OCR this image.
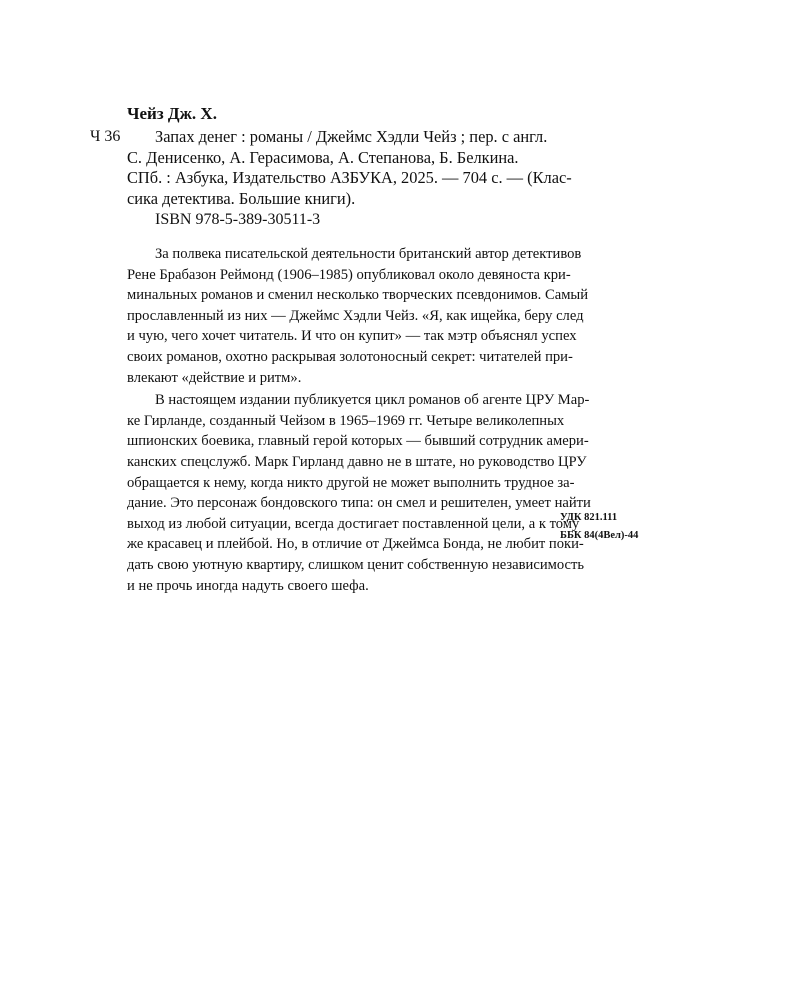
Чейз Дж. Х.
Ч 36	Запах денег : романы / Джеймс Хэдли Чейз ; пер. с англ.
С. Денисенко, А. Герасимова, А. Степанова, Б. Белкина.
СПб. : Азбука, Издательство АЗБУКА, 2025. — 704 с. — (Клас-
сика детектива. Большие книги).
ISBN 978-5-389-30511-3
За полвека писательской деятельности британский автор детективов
Рене Брабазон Реймонд (1906–1985) опубликовал около девяноста кри-
минальных романов и сменил несколько творческих псевдонимов. Самый
прославленный из них — Джеймс Хэдли Чейз. «Я, как ищейка, беру след
и чую, чего хочет читатель. И что он купит» — так мэтр объяснял успех
своих романов, охотно раскрывая золотоносный секрет: читателей при-
влекают «действие и ритм».
В настоящем издании публикуется цикл романов об агенте ЦРУ Мар-
ке Гирланде, созданный Чейзом в 1965–1969 гг. Четыре великолепных
шпионских боевика, главный герой которых — бывший сотрудник амери-
канских спецслужб. Марк Гирланд давно не в штате, но руководство ЦРУ
обращается к нему, когда никто другой не может выполнить трудное за-
дание. Это персонаж бондовского типа: он смел и решителен, умеет найти
выход из любой ситуации, всегда достигает поставленной цели, а к тому
же красавец и плейбой. Но, в отличие от Джеймса Бонда, не любит поки-
дать свою уютную квартиру, слишком ценит собственную независимость
и не прочь иногда надуть своего шефа.
УДК 821.111
ББК 84(4Вел)-44
